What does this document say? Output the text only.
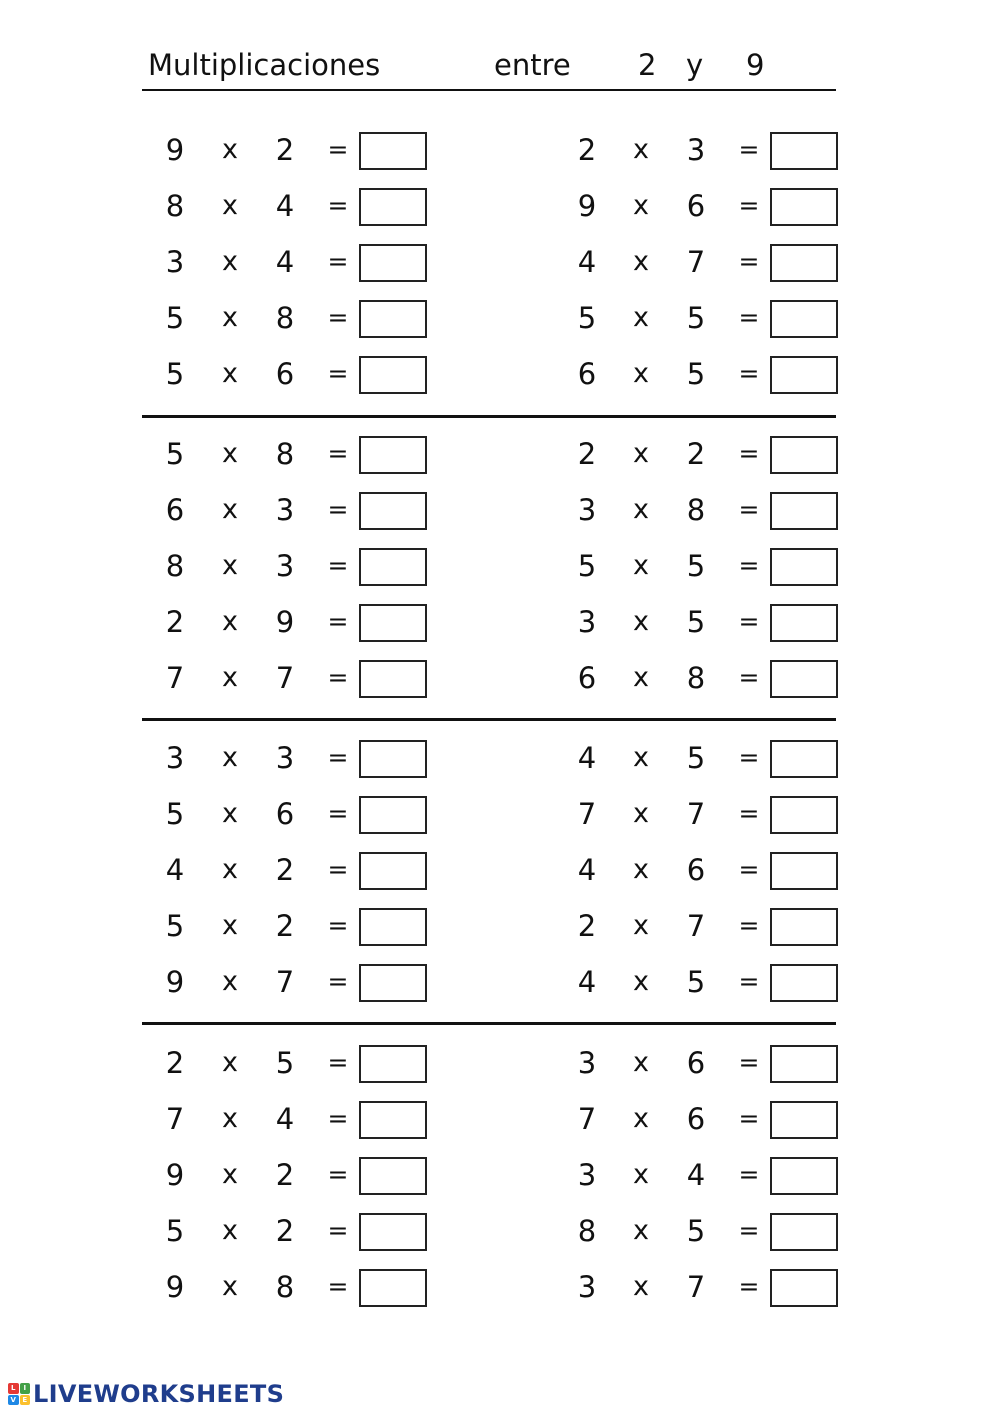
Multiplicaciones	entre 2 y 9
9 x 2 =
8 x 4 =
3 x 4 =
5 x 8 =
5 x 6 =
2 x 3 =
9 x 6 =
4 x 7 =
5 x 5 =
6 x 5 =
5 x 8 =
6 x 3 =
8 x 3 =
2 x 9 =
7 x 7 =
2 x 2 =
3 x 8 =
5 x 5 =
3 x 5 =
6 x 8 =
3 x 3 =
5 x 6 =
4 x 2 =
5 x 2 =
9 x 7 =
4 x 5 =
7 x 7 =
4 x 6 =
2 x 7 =
4 x 5 =
2 x 5 =
7 x 4 =
9 x 2 =
5 x 2 =
9 x 8 =
3 x 6 =
7 x 6 =
3 x 4 =
8 x 5 =
3 x 7 =
L	I
V E LIVEWORKSHEETS
